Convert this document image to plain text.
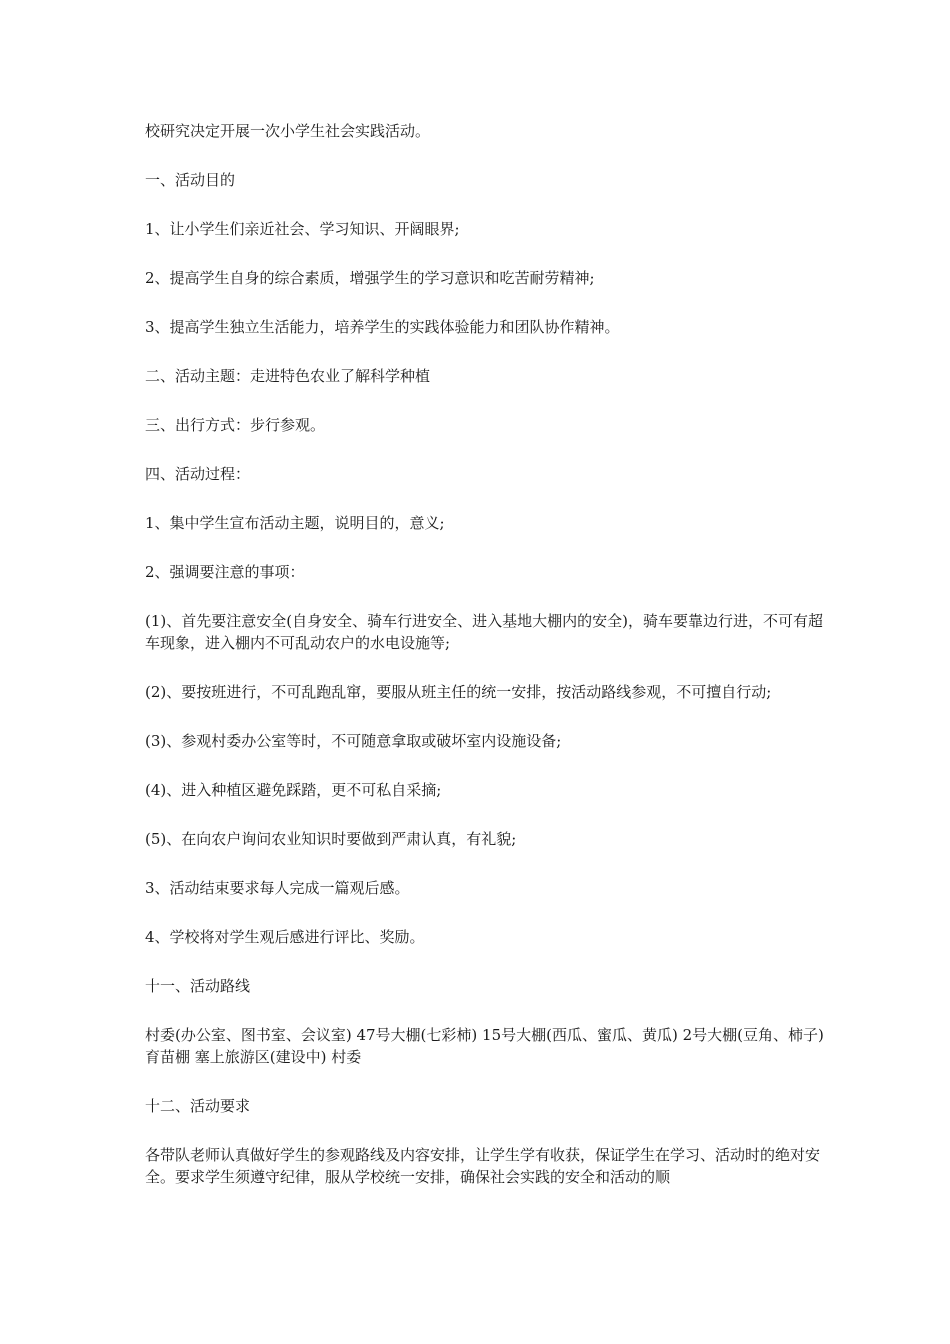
校研究决定开展一次小学生社会实践活动。

一、活动目的

1、让小学生们亲近社会、学习知识、开阔眼界;

2、提高学生自身的综合素质，增强学生的学习意识和吃苦耐劳精神;

3、提高学生独立生活能力，培养学生的实践体验能力和团队协作精神。

二、活动主题：走进特色农业了解科学种植

三、出行方式：步行参观。

四、活动过程：

1、集中学生宣布活动主题，说明目的，意义;

2、强调要注意的事项：

(1)、首先要注意安全(自身安全、骑车行进安全、进入基地大棚内的安全)，骑车要靠边行进，不可有超车现象，进入棚内不可乱动农户的水电设施等;

(2)、要按班进行，不可乱跑乱窜，要服从班主任的统一安排，按活动路线参观，不可擅自行动;

(3)、参观村委办公室等时，不可随意拿取或破坏室内设施设备;

(4)、进入种植区避免踩踏，更不可私自采摘;

(5)、在向农户询问农业知识时要做到严肃认真，有礼貌;

3、活动结束要求每人完成一篇观后感。

4、学校将对学生观后感进行评比、奖励。

十一、活动路线

村委(办公室、图书室、会议室) 47号大棚(七彩柿) 15号大棚(西瓜、蜜瓜、黄瓜) 2号大棚(豆角、柿子) 育苗棚 塞上旅游区(建设中) 村委

十二、活动要求

各带队老师认真做好学生的参观路线及内容安排，让学生学有收获，保证学生在学习、活动时的绝对安全。要求学生须遵守纪律，服从学校统一安排，确保社会实践的安全和活动的顺
